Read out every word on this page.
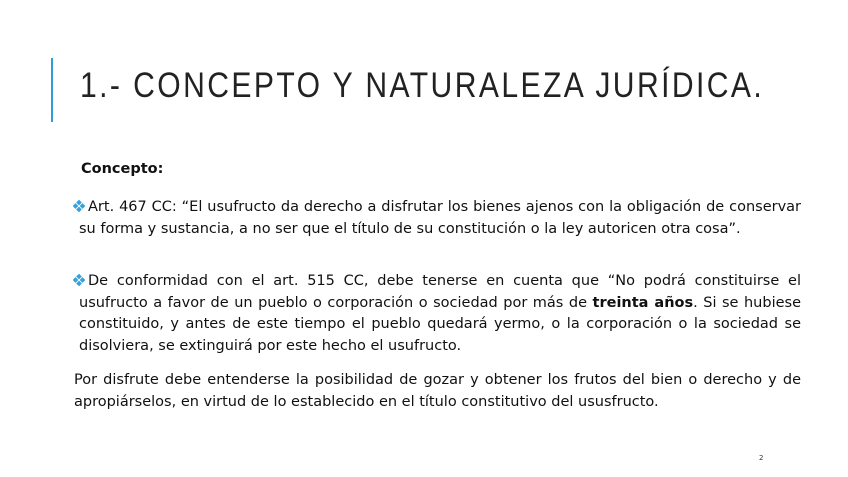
1.- CONCEPTO Y NATURALEZA JURÍDICA.
Concepto:
Art. 467 CC: “El usufructo da derecho a disfrutar los bienes ajenos con la obligación de conservar su forma y sustancia, a no ser que el título de su constitución o la ley autoricen otra cosa”.
De conformidad con el art. 515 CC, debe tenerse en cuenta que “No podrá constituirse el usufructo a favor de un pueblo o corporación o sociedad por más de treinta años. Si se hubiese constituido, y antes de este tiempo el pueblo quedará yermo, o la corporación o la sociedad se disolviera, se extinguirá por este hecho el usufructo.
Por disfrute debe entenderse la posibilidad de gozar y obtener los frutos del bien o derecho y de apropiárselos, en virtud de lo establecido en el título constitutivo del ususfructo.
2
